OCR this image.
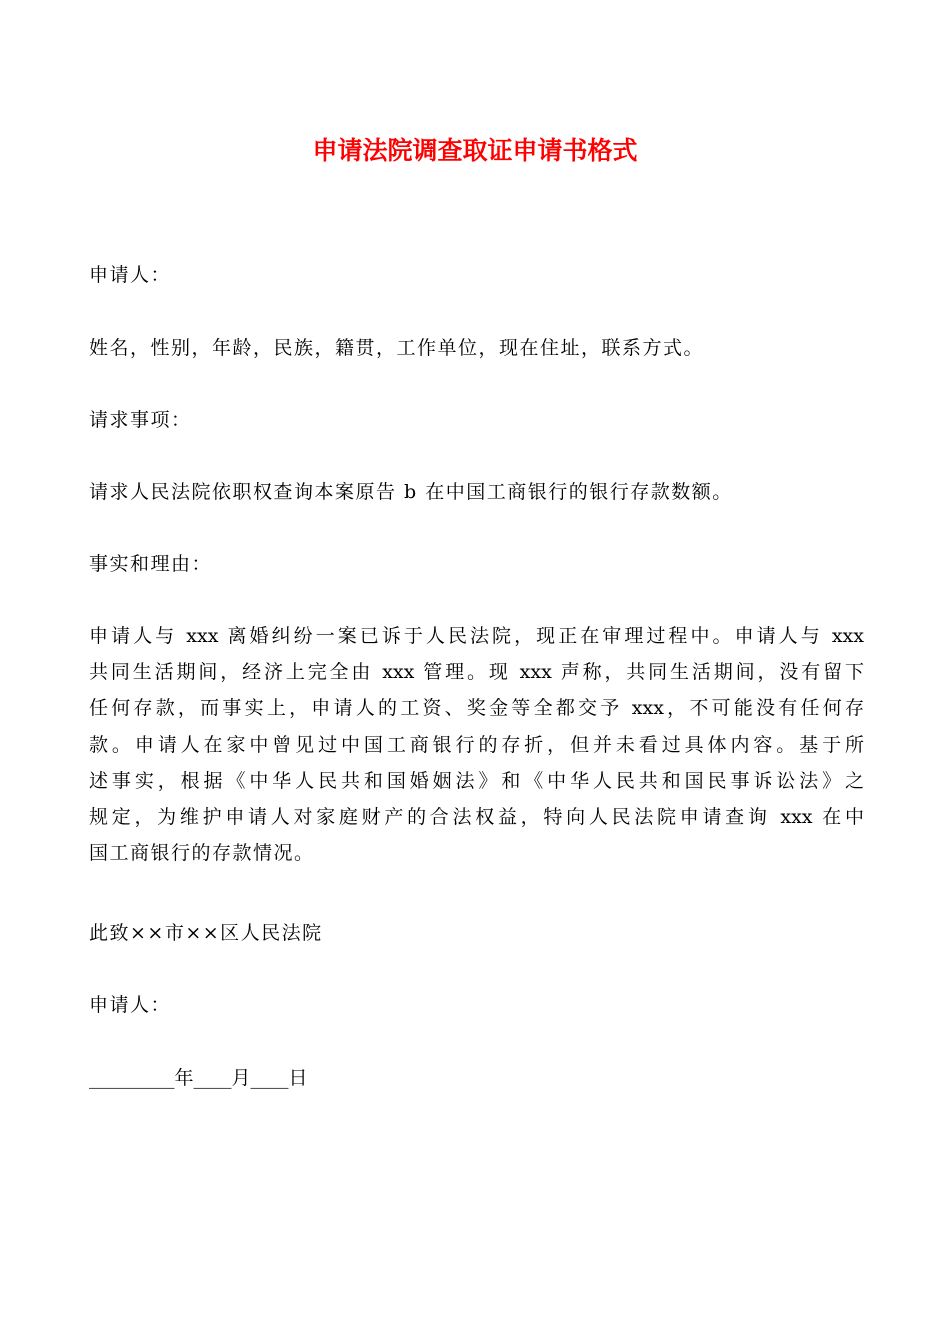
申请法院调查取证申请书格式
申请人：
姓名，性别，年龄，民族，籍贯，工作单位，现在住址，联系方式。
请求事项：
请求人民法院依职权查询本案原告 b 在中国工商银行的银行存款数额。
事实和理由：
申请人与 xxx 离婚纠纷一案已诉于人民法院，现正在审理过程中。申请人与 xxx
共同生活期间，经济上完全由 xxx 管理。现 xxx 声称，共同生活期间，没有留下
任何存款，而事实上，申请人的工资、奖金等全都交予 xxx，不可能没有任何存
款。申请人在家中曾见过中国工商银行的存折，但并未看过具体内容。基于所
述事实，根据《中华人民共和国婚姻法》和《中华人民共和国民事诉讼法》之
规定，为维护申请人对家庭财产的合法权益，特向人民法院申请查询 xxx 在中
国工商银行的存款情况。
此致××市××区人民法院
申请人：
_________年____月____日
